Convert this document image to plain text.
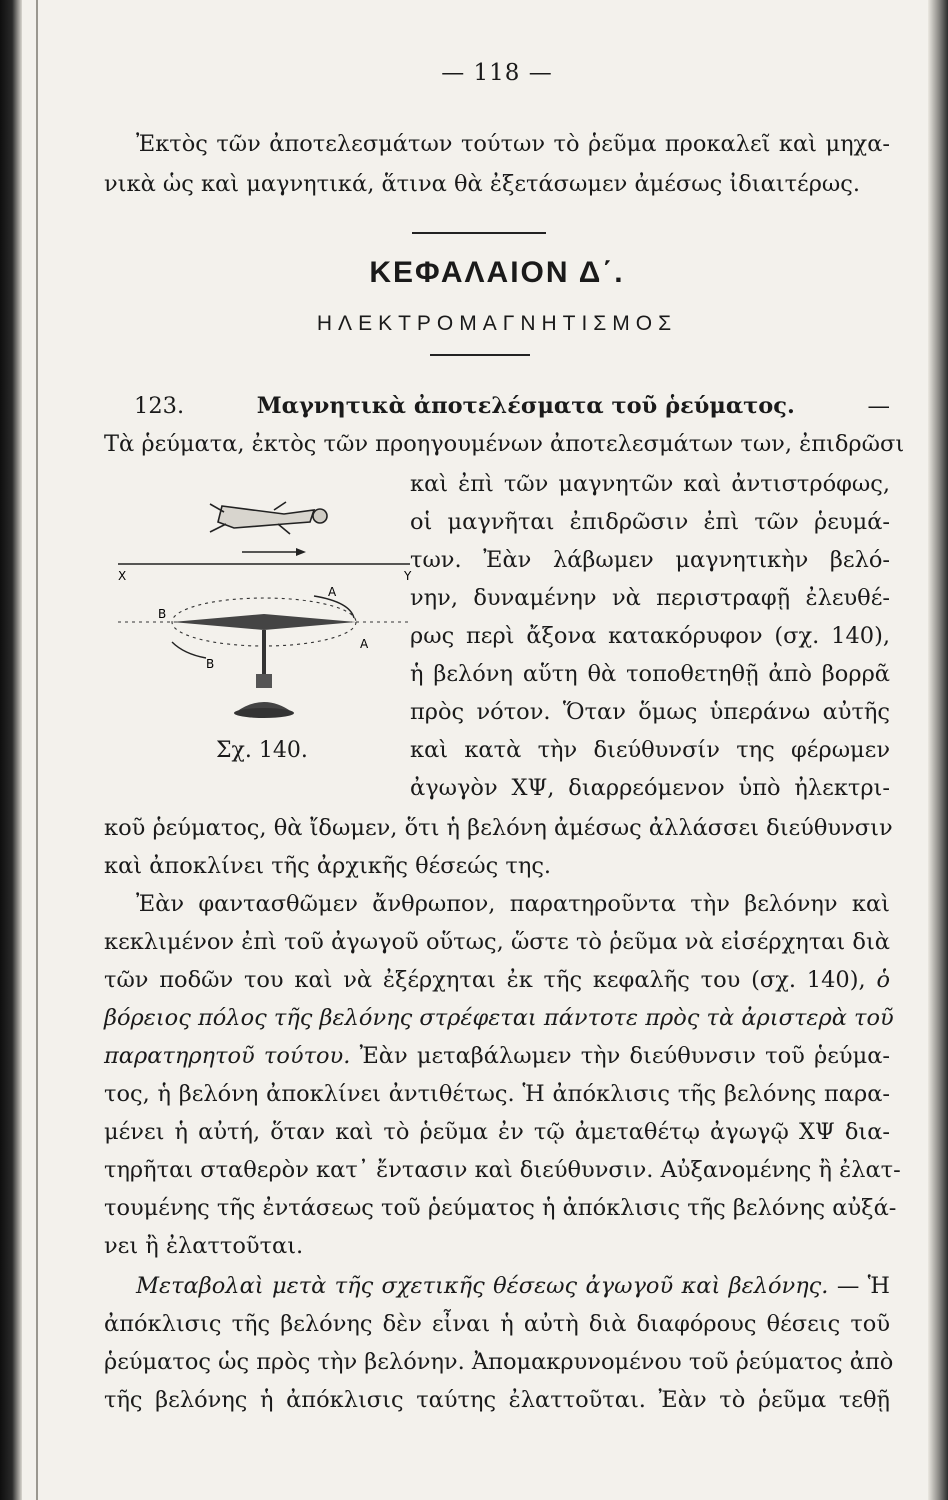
— 118 —
Ἐκτὸς τῶν ἀποτελεσμάτων τούτων τὸ ῥεῦμα προκαλεῖ καὶ μηχα-
νικὰ ὡς καὶ μαγνητικά, ἅτινα θὰ ἐξετάσωμεν ἀμέσως ἰδιαιτέρως.
ΚΕΦΑΛΑΙΟΝ Δ΄.
ΗΛΕΚΤΡΟΜΑΓΝΗΤΙΣΜΟΣ
123.	Μαγνητικὰ ἀποτελέσματα τοῦ ῥεύματος.	—
Τὰ ῥεύματα, ἐκτὸς τῶν προηγουμένων ἀποτελεσμάτων των, ἐπιδρῶσι
καὶ ἐπὶ τῶν μαγνητῶν καὶ ἀντιστρόφως,
οἱ μαγνῆται ἐπιδρῶσιν ἐπὶ τῶν ῥευμά-
των. Ἐὰν λάβωμεν μαγνητικὴν βελό-
νην, δυναμένην νὰ περιστραφῇ ἐλευθέ-
ρως περὶ ἄξονα κατακόρυφον (σχ. 140),
ἡ βελόνη αὕτη θὰ τοποθετηθῇ ἀπὸ βορρᾶ
πρὸς νότον. Ὅταν ὅμως ὑπεράνω αὐτῆς
καὶ κατὰ τὴν διεύθυνσίν της φέρωμεν
ἀγωγὸν ΧΨ, διαρρεόμενον ὑπὸ ἠλεκτρι-
X	Y
A
A
B
B
Σχ. 140.
κοῦ ῥεύματος, θὰ ἴδωμεν, ὅτι ἡ βελόνη ἀμέσως ἀλλάσσει διεύθυνσιν
καὶ ἀποκλίνει τῆς ἀρχικῆς θέσεώς της.
Ἐὰν φαντασθῶμεν ἄνθρωπον, παρατηροῦντα τὴν βελόνην καὶ
κεκλιμένον ἐπὶ τοῦ ἀγωγοῦ οὕτως, ὥστε τὸ ῥεῦμα νὰ εἰσέρχηται διὰ
τῶν ποδῶν του καὶ νὰ ἐξέρχηται ἐκ τῆς κεφαλῆς του (σχ. 140), ὁ
βόρειος πόλος τῆς βελόνης στρέφεται πάντοτε πρὸς τὰ ἀριστερὰ τοῦ
παρατηρητοῦ τούτου. Ἐὰν μεταβάλωμεν τὴν διεύθυνσιν τοῦ ῥεύμα-
τος, ἡ βελόνη ἀποκλίνει ἀντιθέτως. Ἡ ἀπόκλισις τῆς βελόνης παρα-
μένει ἡ αὐτή, ὅταν καὶ τὸ ῥεῦμα ἐν τῷ ἀμεταθέτῳ ἀγωγῷ ΧΨ δια-
τηρῆται σταθερὸν κατ᾽ ἔντασιν καὶ διεύθυνσιν. Αὐξανομένης ἢ ἐλατ-
τουμένης τῆς ἐντάσεως τοῦ ῥεύματος ἡ ἀπόκλισις τῆς βελόνης αὐξά-
νει ἢ ἐλαττοῦται.
Μεταβολαὶ μετὰ τῆς σχετικῆς θέσεως ἀγωγοῦ καὶ βελόνης. — Ἡ
ἀπόκλισις τῆς βελόνης δὲν εἶναι ἡ αὐτὴ διὰ διαφόρους θέσεις τοῦ
ῥεύματος ὡς πρὸς τὴν βελόνην. Ἀπομακρυνομένου τοῦ ῥεύματος ἀπὸ
τῆς βελόνης ἡ ἀπόκλισις ταύτης ἐλαττοῦται. Ἐὰν τὸ ῥεῦμα τεθῇ
